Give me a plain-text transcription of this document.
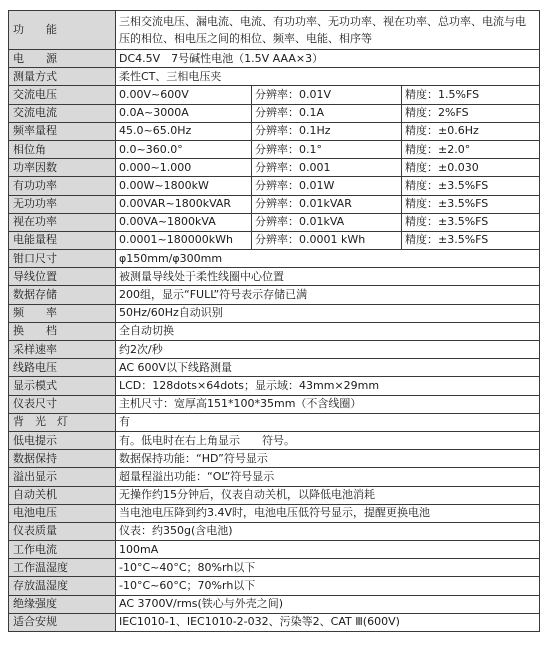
功　　能	三相交流电压、漏电流、电流、有功功率、无功功率、视在功率、总功率、电流与电压的相位、相电压之间的相位、频率、电能、相序等		
电　　源	DC4.5V　7号碱性电池（1.5V AAA×3）		
测量方式	柔性CT、三相电压夹		
交流电压	0.00V~600V	分辨率：0.01V	精度：1.5%FS
交流电流	0.0A~3000A	分辨率：0.1A	精度：2%FS
频率量程	45.0~65.0Hz	分辨率：0.1Hz	精度：±0.6Hz
相位角	0.0~360.0°	分辨率：0.1°	精度：±2.0°
功率因数	0.000~1.000	分辨率：0.001	精度：±0.030
有功功率	0.00W~1800kW	分辨率：0.01W	精度：±3.5%FS
无功功率	0.00VAR~1800kVAR	分辨率：0.01kVAR	精度：±3.5%FS
视在功率	0.00VA~1800kVA	分辨率：0.01kVA	精度：±3.5%FS
电能量程	0.0001~180000kWh	分辨率：0.0001 kWh	精度：±3.5%FS
钳口尺寸	φ150mm/φ300mm		
导线位置	被测量导线处于柔性线圈中心位置		
数据存储	200组，显示“FULL”符号表示存储已满		
频　　率	50Hz/60Hz自动识别		
换　　档	全自动切换		
采样速率	约2次/秒		
线路电压	AC 600V以下线路测量		
显示模式	LCD：128dots×64dots；显示域：43mm×29mm		
仪表尺寸	主机尺寸：宽厚高151*100*35mm（不含线圈）		
背　光　灯	有		
低电提示	有。低电时在右上角显示　　符号。		
数据保持	数据保持功能：“HD”符号显示		
溢出显示	超量程溢出功能：“OL”符号显示		
自动关机	无操作约15分钟后，仪表自动关机，以降低电池消耗		
电池电压	当电池电压降到约3.4V时，电池电压低符号显示，提醒更换电池		
仪表质量	仪表：约350g(含电池)		
工作电流	100mA		
工作温湿度	-10°C~40°C；80%rh以下		
存放温湿度	-10°C~60°C；70%rh以下		
绝缘强度	AC 3700V/rms(铁心与外壳之间)		
适合安规	IEC1010-1、IEC1010-2-032、污染等2、CAT Ⅲ(600V)		
